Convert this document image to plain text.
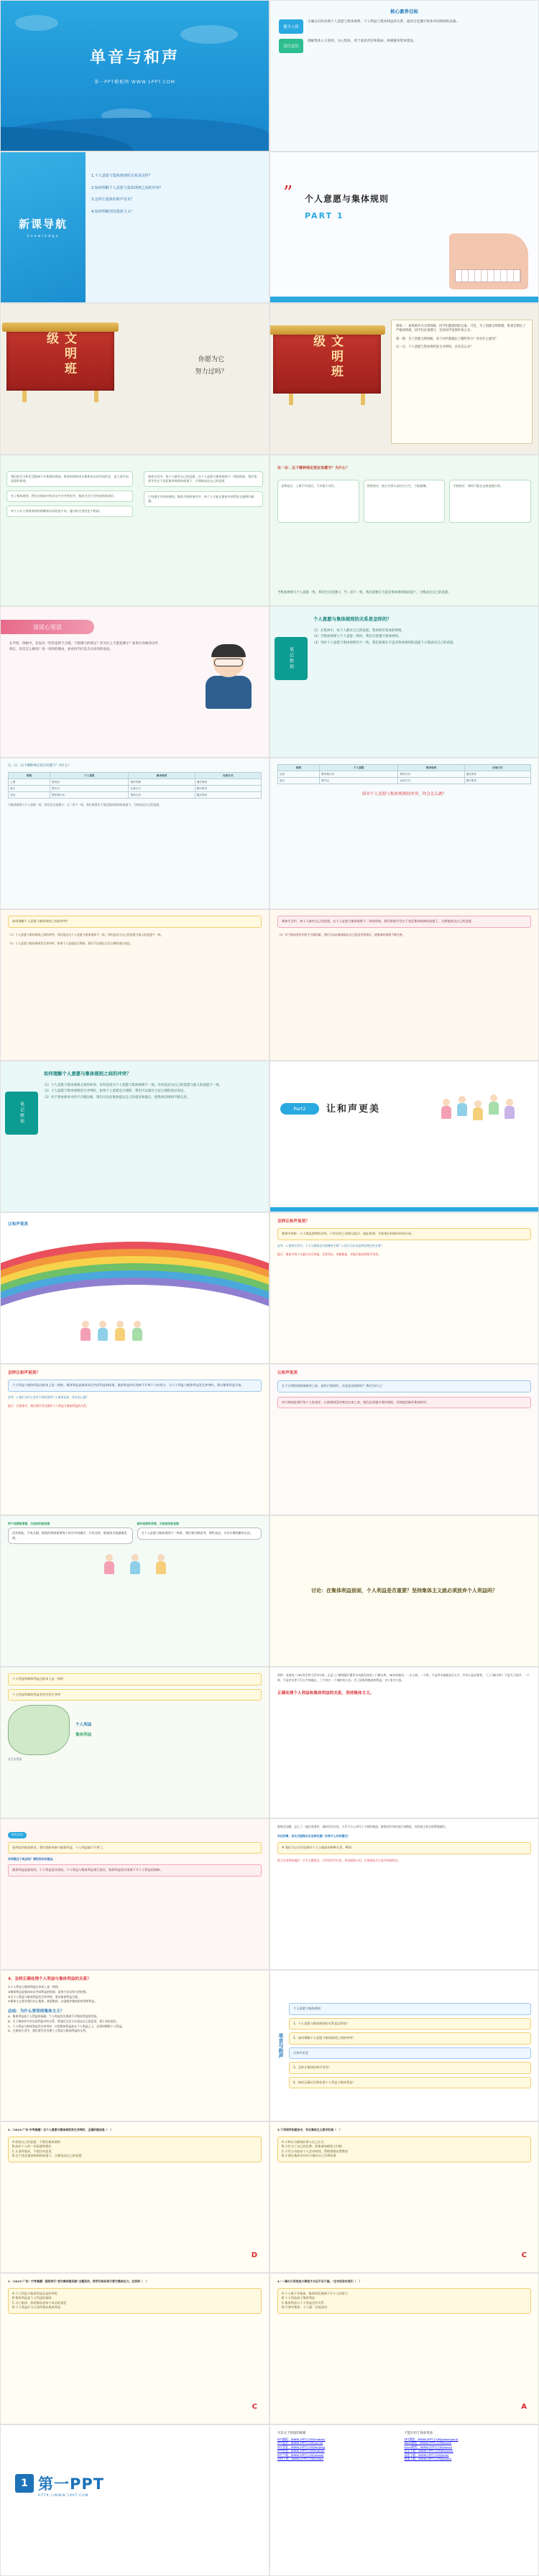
单音与和声
第一PPT模板网 WWW.1PPT.COM
核心素养目标
健全人格
正确认识和处理个人意愿与集体规则、个人利益与集体利益的关系，提高自觉遵守集体共同规则的品格。
责任意识
理解集体主义原则，关心集体，勇于承担责任和使命，积极服务集体建设。
新课导航
knowledge
1.个人意愿与集体规则的关系是这样？
2.如何理解个人意愿与集体规则之间的冲突？
3.怎样让集体的和声更美？
4.如何理解坚持集体主义？
” 个人意愿与集体规则
PART 1
文明班级
你愿为它
努力过吗？	文明班级

情境一：某班被评为文明班级，同学们都感到很自豪。可是，为了创建文明班级，班委会制定了严格的班规，同学们必须遵守，有的同学觉得约束太多。

想一想：为了创建文明班级，每个同学都做出了哪些努力？你有什么感受？

议一议：个人意愿与集体规则发生冲突时，应该怎么办？

我们的学习和生活都离不开集体的规则。集体的规则来自集体成员的共同约定，是大家共同意愿的体现。
有了集体规则，我们在集体中的活动才会井然有序，集体生活才会更加和谐美好。
每个人对于班级规则的理解和认同程度不同，遵守的自觉性也不相同。
集体生活中，每个人都有自己的意愿，在个人意愿与集体规则不一致的时候，我们需要学会在不违反集体规则的前提下，合理地表达自己的意愿。
只有遵守共同的规则，集体才能和谐有序，每个人才能在集体中获得安全感和归属感。
议一议：以下哪种规定更应该遵守？为什么？
老师说过：上课不许说话，不许做小动作。	班级规定：值日生要认真打扫卫生，不能偷懒。	学校规定：课间不能在走廊追逐打闹。
当集体规则与个人意愿一致，我们会自觉遵守；当二者不一致，我们需要在不违反集体规则的前提下，合理表达自己的意愿。
说说心里话
在学校、班级中，有没有一些你觉得不合理、不想遵守的规定？你为什么不愿意遵守？如果让你修改这些规定，你会怎么修改？说一说你的理由，看看同学们是否认同你的看法。
个人意愿与集体规则的关系是怎样的？
笔记整理
（1）在集体中，每个人都有自己的意愿，集体则有集体的规则。
（2）当集体规则与个人意愿一致时，我们自觉遵守集体规则。
（3）有时个人意愿与集体规则会不一致，我们需要在不违反集体规则的前提下合理表达自己的意愿。
议一议：以下哪种规定更应该遵守？为什么？
情境	个人意愿	集体规则	处理方式
上课	想说话	保持安静	遵守规则
值日	想早走	认真打扫	履行职责
活动	想单独行动	集体行动	服从集体
当集体规则与个人意愿一致，我们会自觉遵守；当二者不一致，我们需要在不违反集体规则的前提下，合理表达自己的意愿。
情境	个人意愿	集体规则	处理方式
活动	想单独行动	集体行动	服从集体
值日	想早走	认真打扫	履行职责
面对个人意愿与集体规则的冲突，你会怎么做？
如何理解个人意愿与集体规则之间的冲突？
（1）个人意愿与集体规则之间的冲突，有时是因为个人意愿与集体规则不一致；有时是因为自己的意愿与他人的意愿不一致。
（2）个人意愿与集体规则发生冲突时，如果个人意愿是合理的，我们可以通过合法合理的途径表达。
集体生活中，每个人都有自己的意愿，在个人意愿与集体规则不一致的时候，我们需要学会在不违反集体规则的前提下，合理地表达自己的意愿。
（3）对于集体要求中的不合理因素，我们可以向集体提出自己的意见和建议，使集体的规则不断完善。
如何理解个人意愿与集体规则之间的冲突？
笔记整理
（1）个人意愿与集体规则之间的冲突，有时是因为个人意愿与集体规则不一致；有时是因为自己的意愿与他人的意愿不一致。
（2）个人意愿与集体规则发生冲突时，如果个人意愿是合理的，我们可以通过合法合理的途径表达。
（3）对于集体要求中的不合理因素，我们可以向集体提出自己的意见和建议，使集体的规则不断完善。
Part2	让和声更美
让和声更美
怎样让和声更美？
集体中的每一个人都是独特的音符，只有音符之间相互配合、彼此协调，才能奏出和谐动听的乐章。
思考：1.集体生活中，个人与集体会出现哪些矛盾？2.你认为应该怎样处理这些矛盾？
提示：集体中每个人都应各尽所能、发挥所长、奉献集体，才能让集体的和声更美。
怎样让和声更美？
个人利益与集体利益在根本上是一致的。集体利益是集体成员共同利益的体现，集体利益的实现离不开每个人的努力。当个人利益与集体利益发生冲突时，要以集体利益为重。
思考：1.他们为什么会有不同的选择？2.如果是你，你会怎么做？
提示：在集体中，我们要学会处理好个人利益与集体利益的关系。
让和声更美
在不合理的规则被修改之前，是执行规则好，还是违反规则好？我们为什么？
执行规则是我们每个人的责任，在新规则没有制定出来之前，我们必须遵守现有规则，否则就会破坏集体秩序。
两个视频能看着，无视规则就是错
没有规矩，不成方圆。班级的规则需要每个同学共同遵守，只有这样，班集体才能健康发展。
修改视频和录像，无视规则就是错
当个人意愿与集体规则不一致时，我们要冷静思考，理性表达，寻求合理的解决办法。
讨论：在集体利益前面，个人利益是否重要？坚持集体主义就必须放弃个人利益吗？
个人利益和集体利益在根本上是一致的
个人利益和集体利益有时会发生冲突
个人利益
集体利益
长江水系图
材料：河南的三785发生特大洪水灾害，正是三门峡智能拦蓄洪水功能发挥的三门峡水库，38年的滚动，一夕之间，一个时，不是洪水使被老百万字，共享公益业务等。《三门峡水库》不是为了防洪、一个时，不是洪水等下百万字的地区。三个村庄 一个城市的人们，为了国家和集体的利益，舍小家为大家。
正确处理个人利益和集体利益的关系，坚持集体主义。
探究活动
看到某些班级要求，我们要如何参与集体利益，个人利益就可不要了。
你同意这个观点吗？请说说你的理由。
集体利益是根本的，个人利益是具体的。个人利益与集体利益相互依存，集体利益的实现离不开个人利益的保障。
班级活动题，怎么了一起打球事件，请同学们讨论，小芳不小心弄坏了小明的物品，班级同学有的说应该赔偿，有的说大家互相帮助就好。
对这件事，你认为班级应当怎样处理？你有什么好的建议？
※ 我们可以学会处理好个人与集体的种种关系。PGS
班主任老师的做法：召开主题班会，引导同学们讨论，形成班级公约，让规则成为大家共同的约定。
4、怎样正确处理个人利益与集体利益的关系？
①个人利益与集体利益在本质上是一致的。
②集体利益是集体成员共同利益的体现，是每个成员努力的结果。
③当个人利益与集体利益发生冲突时，要以集体利益为重。
④集体主义要求我们关心集体、热爱集体，自觉维护集体的荣誉和利益。
总结：为什么要坚持集体主义？
A、集体利益是个人利益的基础，个人利益的实现离不开集体利益的发展。
B、关于集体更多存在的利益中的关系，要通过合法方式表达自己的意见、勇于承担责任。
C、个人利益与集体利益发生冲突时，应把集体利益放在个人利益之上，必要时牺牲个人利益。
D、在集体生活中，我们要学会处理个人利益与集体利益的关系。
单音与和声
个人意愿与集体规则
1、个人意愿与集体规则的关系是怎样的？
2、如何理解个人意愿与集体规则之间的冲突？
让和声更美
3、怎样让集体的和声更美？
4、如何正确认识和处理个人利益与集体利益？
2.（2023·广东·中考真题）当个人意愿与集体规则发生冲突时，正确的做法是（　）
A.坚持自己的意愿，不理会集体规则
B.放弃个人的一切意愿和想法
C.无条件服从，不提任何意见
D.在不违反集体规则的前提下，合理表达自己的意愿
D
3.下列同学的做法中，符合集体主义要求的是（　）
A.小林认为班级的事与自己无关
B.小红为了自己的比赛，拒绝参加班级大扫除
C.小军主动放弃个人活动时间，帮助班级布置教室
D.小强在集体活动中只做对自己有利的事
C
1.（2023·广东）中考真题）班级举行"我为集体做贡献"主题活动，同学们纷纷表示要为集体出力。这说明（　）
A.个人利益与集体利益总是冲突的
B.集体利益是个人利益的基础
C.关心集体、热爱集体是每个成员的责任
D.个人利益应当无条件服从集体利益
C
4."一滴水只有放进大海里才永远不会干涸。"这句话告诉我们（　）
A.个人离不开集体，集体的发展离不开个人的努力
B.个人利益高于集体利益
C.集体利益与个人利益没有关系
D.只要有集体，个人就一定能成功
A
1 第一PPT
HTTP://WWW.1PPT.COM
可以关于校园的模板
PPT模板：WWW.1PPT.COM/moban/
PPT素材：WWW.1PPT.COM/sucai/
PPT背景：WWW.1PPT.COM/beijing/
PPT图表：WWW.1PPT.COM/tubiao/
PPT下载：WWW.1PPT.COM/xiazai/
资料下载：WWW.1PPT.COM/ziliao/
不能应用于商业用途
PPT教程：WWW.1PPT.COM/powerpoint/
Word教程：WWW.1PPT.COM/word/
Excel教程：WWW.1PPT.COM/excel/
范文下载：WWW.1PPT.COM/fanwen/
试卷下载：WWW.1PPT.COM/shiti/
教案下载：WWW.1PPT.COM/jiaoan/
